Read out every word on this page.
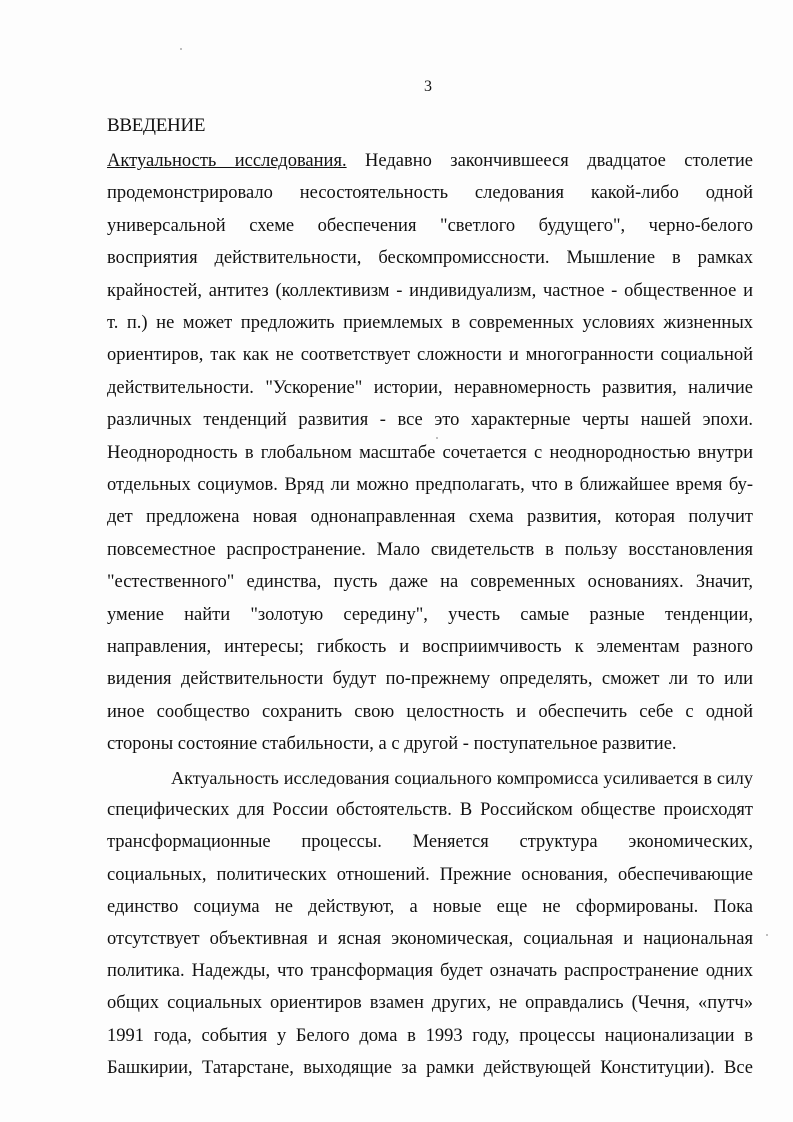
3
ВВЕДЕНИЕ
Актуальность исследования. Недавно закончившееся двадцатое столетие
продемонстрировало несостоятельность следования какой-либо одной
универсальной схеме обеспечения "светлого будущего", черно-белого
восприятия действительности, бескомпромиссности. Мышление в рамках
крайностей, антитез (коллективизм - индивидуализм, частное - общественное и
т. п.) не может предложить приемлемых в современных условиях жизненных
ориентиров, так как не соответствует сложности и многогранности социальной
действительности. "Ускорение" истории, неравномерность развития, наличие
различных тенденций развития - все это характерные черты нашей эпохи.
Неоднородность в глобальном масштабе сочетается с неоднородностью внутри
отдельных социумов. Вряд ли можно предполагать, что в ближайшее время бу-
дет предложена новая однонаправленная схема развития, которая получит
повсеместное распространение. Мало свидетельств в пользу восстановления
"естественного" единства, пусть даже на современных основаниях. Значит,
умение найти "золотую середину", учесть самые разные тенденции,
направления, интересы; гибкость и восприимчивость к элементам разного
видения действительности будут по-прежнему определять, сможет ли то или
иное сообщество сохранить свою целостность и обеспечить себе с одной
стороны состояние стабильности, а с другой - поступательное развитие.
Актуальность исследования социального компромисса усиливается в силу
специфических для России обстоятельств. В Российском обществе происходят
трансформационные процессы. Меняется структура экономических,
социальных, политических отношений. Прежние основания, обеспечивающие
единство социума не действуют, а новые еще не сформированы. Пока
отсутствует объективная и ясная экономическая, социальная и национальная
политика. Надежды, что трансформация будет означать распространение одних
общих социальных ориентиров взамен других, не оправдались (Чечня, «путч»
1991 года, события у Белого дома в 1993 году, процессы национализации в
Башкирии, Татарстане, выходящие за рамки действующей Конституции). Все
